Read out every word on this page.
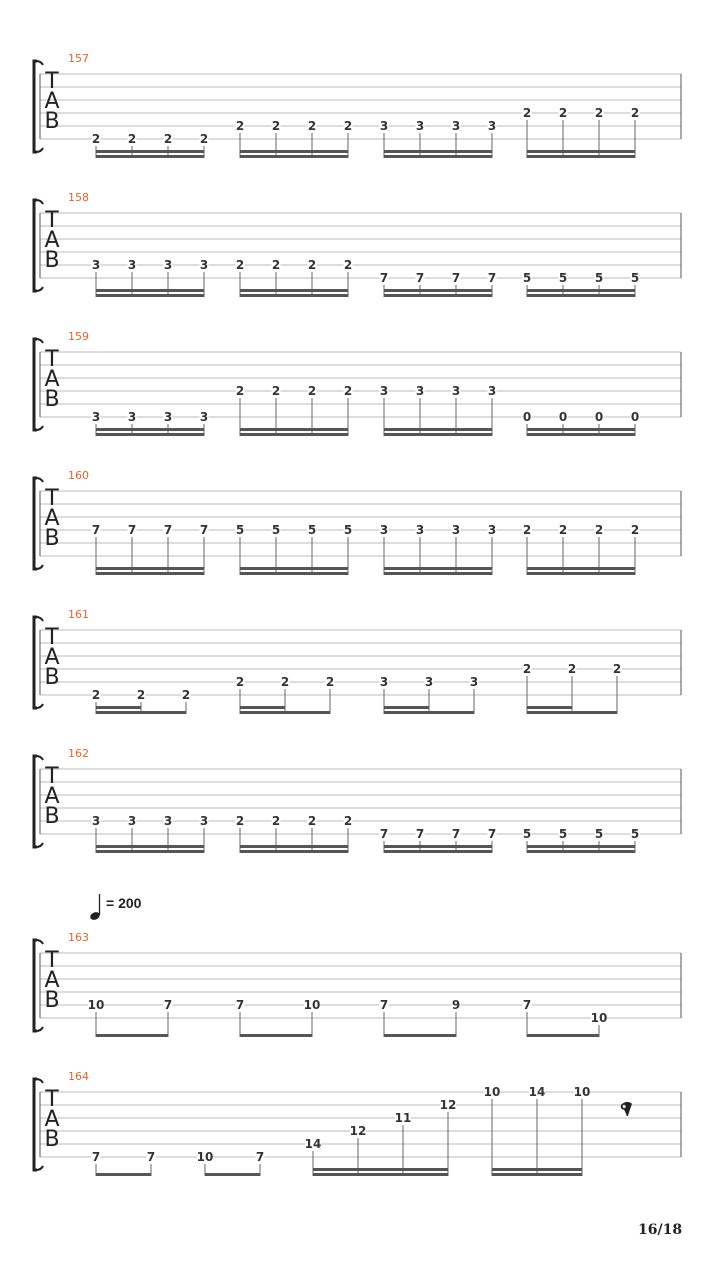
T
A
B
157
2 2 2 2
2 2 2 2 3 3 3 3
2 2 2 2
T
A
B
158
3 3 3 3 2 2 2 2
7 7 7 7 5 5 5 5
T
A
B
159
3 3 3 3
2 2 2 2 3 3 3 3
0 0 0 0
T
A
B
160
7 7 7 7 5 5 5 5 3 3 3 3 2 2 2 2
T
A
B
161
2	2	2
2	2	2	3	3	3
2	2	2
T
A
B
162
3 3 3 3 2 2 2 2
7 7 7 7 5 5 5 5
T
A
B
163
10	7	7	10	7	9	7
10
T
A
B
164
7	7	10	7
14
12
11
12
10 14 10
= 200
16/18
